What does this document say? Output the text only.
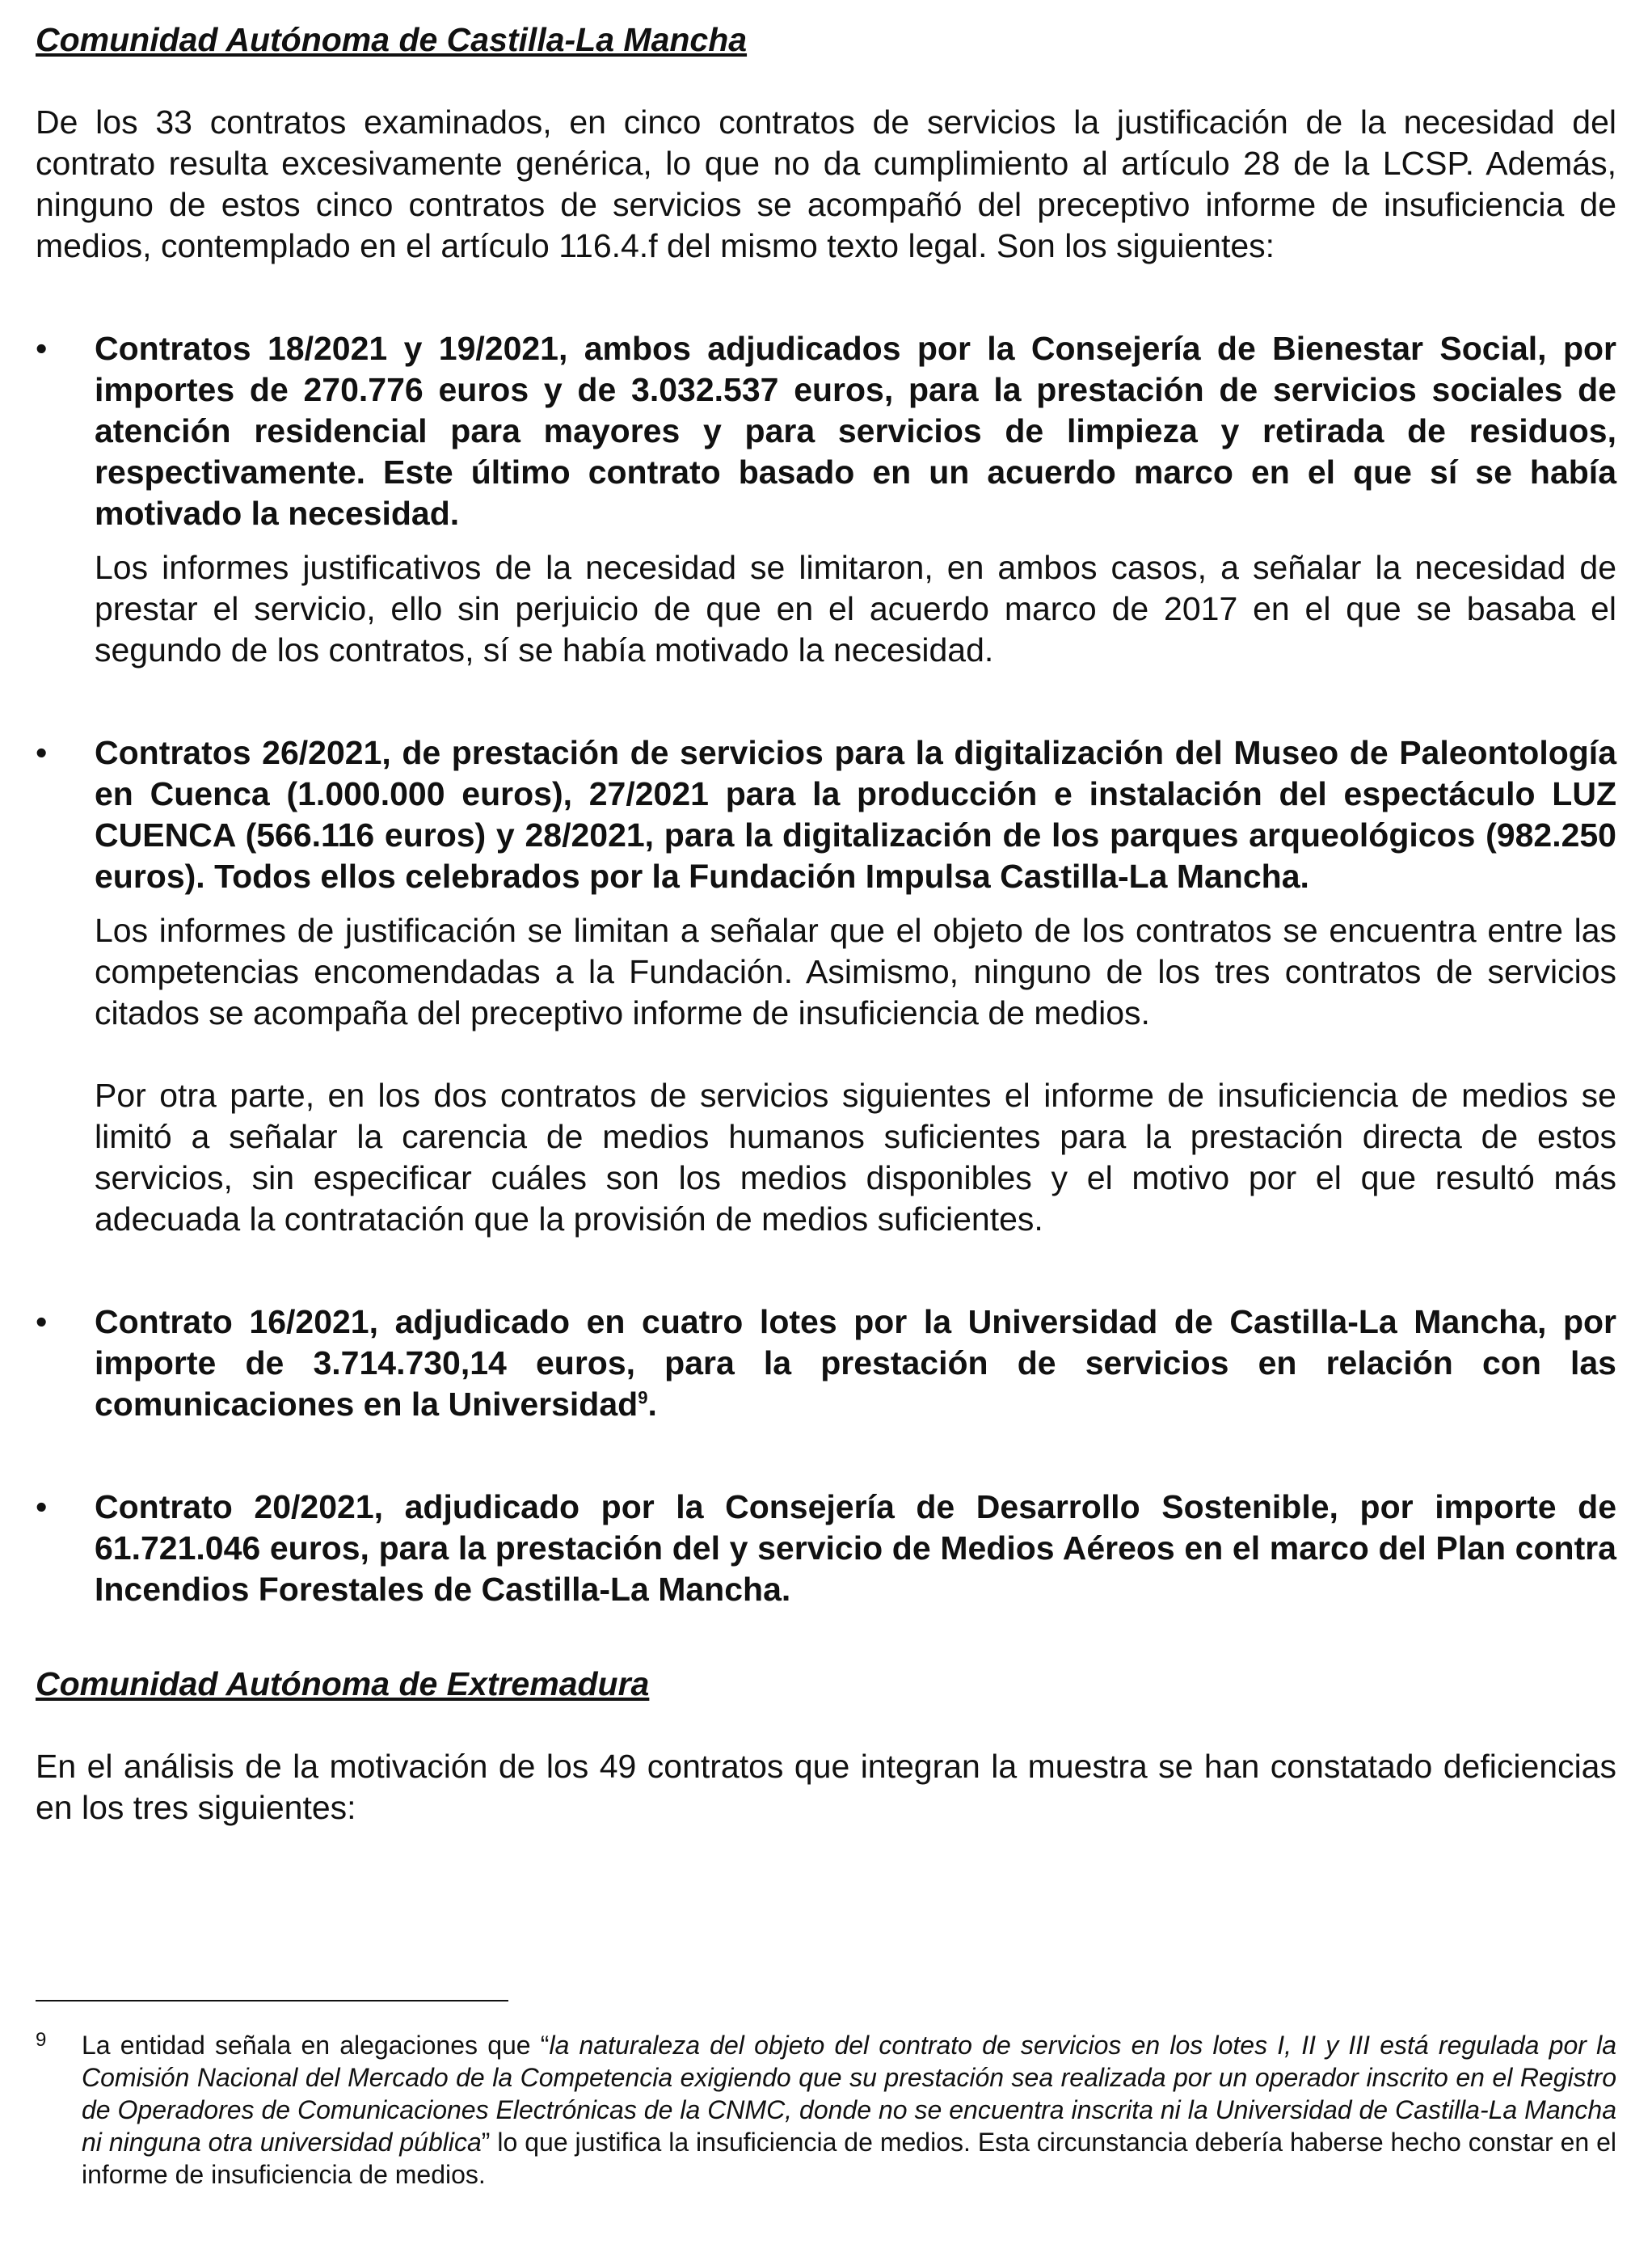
Comunidad Autónoma de Castilla-La Mancha

De los 33 contratos examinados, en cinco contratos de servicios la justificación de la necesidad del contrato resulta excesivamente genérica, lo que no da cumplimiento al artículo 28 de la LCSP. Además, ninguno de estos cinco contratos de servicios se acompañó del preceptivo informe de insuficiencia de medios, contemplado en el artículo 116.4.f del mismo texto legal. Son los siguientes:

• Contratos 18/2021 y 19/2021, ambos adjudicados por la Consejería de Bienestar Social, por importes de 270.776 euros y de 3.032.537 euros, para la prestación de servicios sociales de atención residencial para mayores y para servicios de limpieza y retirada de residuos, respectivamente. Este último contrato basado en un acuerdo marco en el que sí se había motivado la necesidad.

Los informes justificativos de la necesidad se limitaron, en ambos casos, a señalar la necesidad de prestar el servicio, ello sin perjuicio de que en el acuerdo marco de 2017 en el que se basaba el segundo de los contratos, sí se había motivado la necesidad.

• Contratos 26/2021, de prestación de servicios para la digitalización del Museo de Paleontología en Cuenca (1.000.000 euros), 27/2021 para la producción e instalación del espectáculo LUZ CUENCA (566.116 euros) y 28/2021, para la digitalización de los parques arqueológicos (982.250 euros). Todos ellos celebrados por la Fundación Impulsa Castilla-La Mancha.

Los informes de justificación se limitan a señalar que el objeto de los contratos se encuentra entre las competencias encomendadas a la Fundación. Asimismo, ninguno de los tres contratos de servicios citados se acompaña del preceptivo informe de insuficiencia de medios.

Por otra parte, en los dos contratos de servicios siguientes el informe de insuficiencia de medios se limitó a señalar la carencia de medios humanos suficientes para la prestación directa de estos servicios, sin especificar cuáles son los medios disponibles y el motivo por el que resultó más adecuada la contratación que la provisión de medios suficientes.

• Contrato 16/2021, adjudicado en cuatro lotes por la Universidad de Castilla-La Mancha, por importe de 3.714.730,14 euros, para la prestación de servicios en relación con las comunicaciones en la Universidad$^9$.

• Contrato 20/2021, adjudicado por la Consejería de Desarrollo Sostenible, por importe de 61.721.046 euros, para la prestación del y servicio de Medios Aéreos en el marco del Plan contra Incendios Forestales de Castilla-La Mancha.

Comunidad Autónoma de Extremadura

En el análisis de la motivación de los 49 contratos que integran la muestra se han constatado deficiencias en los tres siguientes:

9 La entidad señala en alegaciones que “la naturaleza del objeto del contrato de servicios en los lotes I, II y III está regulada por la Comisión Nacional del Mercado de la Competencia exigiendo que su prestación sea realizada por un operador inscrito en el Registro de Operadores de Comunicaciones Electrónicas de la CNMC, donde no se encuentra inscrita ni la Universidad de Castilla-La Mancha ni ninguna otra universidad pública” lo que justifica la insuficiencia de medios. Esta circunstancia debería haberse hecho constar en el informe de insuficiencia de medios.
